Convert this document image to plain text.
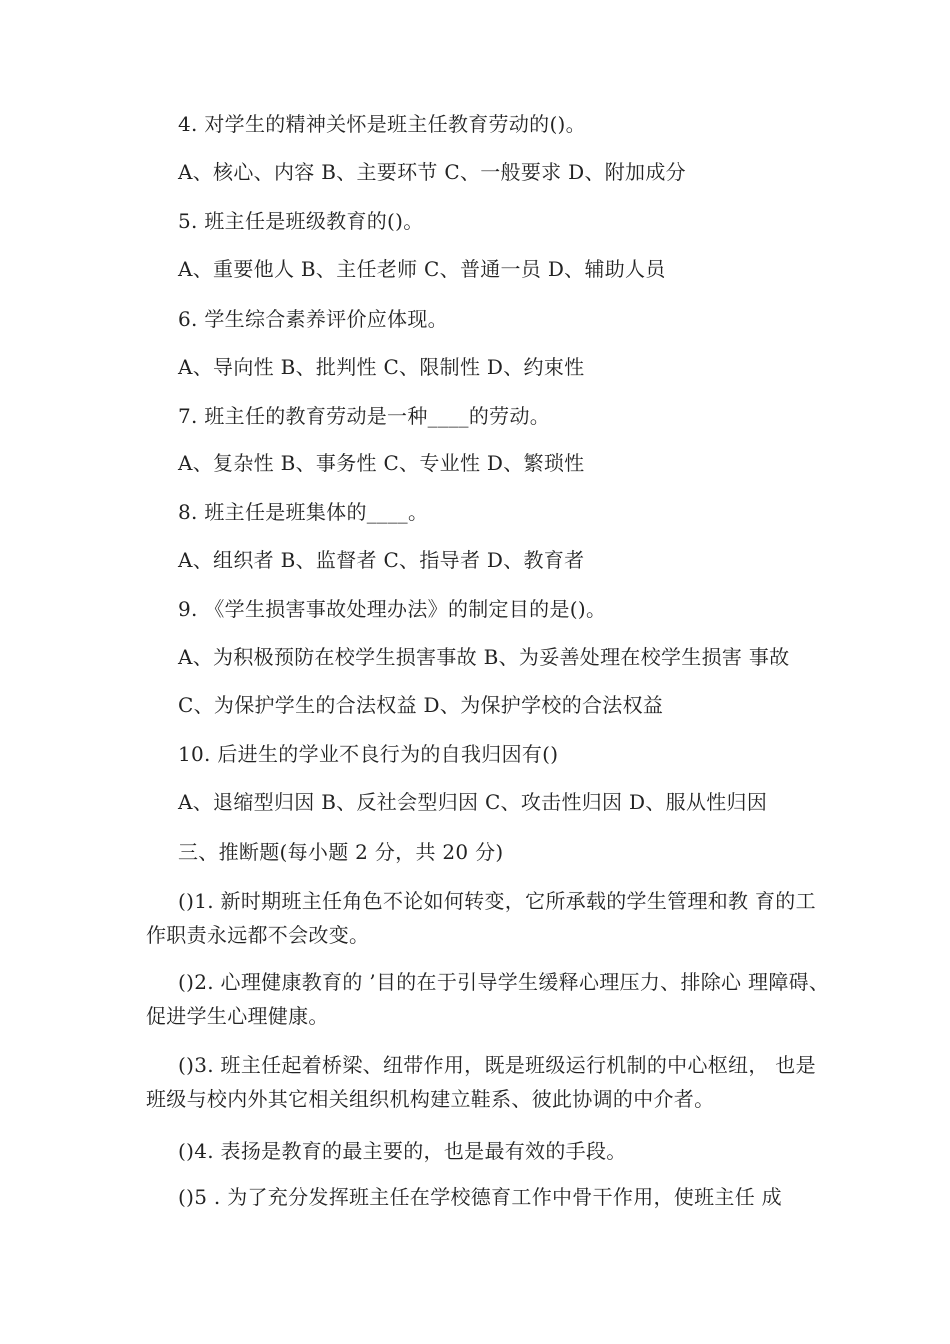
4. 对学生的精神关怀是班主任教育劳动的()。
A、核心、内容 B、主要环节 C、一般要求 D、附加成分
5. 班主任是班级教育的()。
A、重要他人 B、主任老师 C、普通一员 D、辅助人员
6. 学生综合素养评价应体现。
A、导向性 B、批判性 C、限制性 D、约束性
7. 班主任的教育劳动是一种____的劳动。
A、复杂性 B、事务性 C、专业性 D、繁琐性
8. 班主任是班集体的____。
A、组织者 B、监督者 C、指导者 D、教育者
9. 《学生损害事故处理办法》的制定目的是()。
A、为积极预防在校学生损害事故 B、为妥善处理在校学生损害 事故
C、为保护学生的合法权益 D、为保护学校的合法权益
10. 后进生的学业不良行为的自我归因有()
A、退缩型归因 B、反社会型归因 C、攻击性归因 D、服从性归因
三、推断题(每小题 2 分，共 20 分)
()1. 新时期班主任角色不论如何转变，它所承载的学生管理和教 育的工作职责永远都不会改变。
()2. 心理健康教育的 ’目的在于引导学生缓释心理压力、排除心 理障碍、促进学生心理健康。
()3. 班主任起着桥梁、纽带作用，既是班级运行机制的中心枢纽， 也是班级与校内外其它相关组织机构建立鞋系、彼此协调的中介者。
()4. 表扬是教育的最主要的，也是最有效的手段。
()5 . 为了充分发挥班主任在学校德育工作中骨干作用，使班主任 成
